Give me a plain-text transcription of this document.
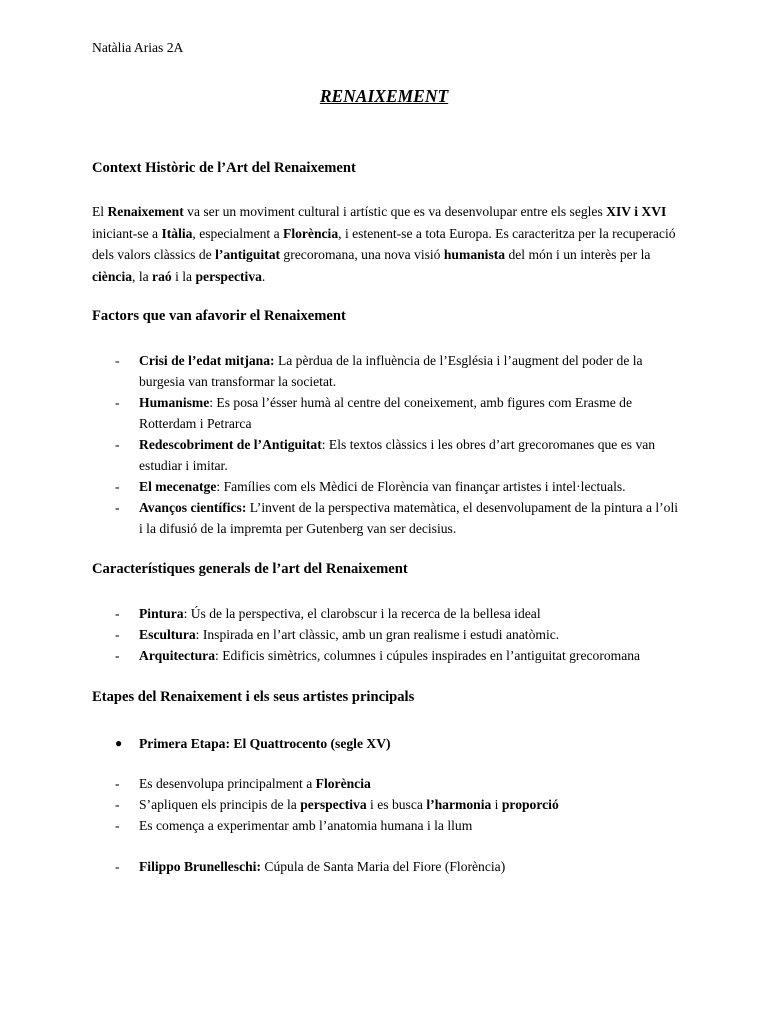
Natàlia Arias 2A
RENAIXEMENT
Context Històric de l’Art del Renaixement

El Renaixement va ser un moviment cultural i artístic que es va desenvolupar entre els segles XIV i XVI iniciant-se a Itàlia, especialment a Florència, i estenent-se a tota Europa. Es caracteritza per la recuperació dels valors clàssics de l’antiguitat grecoromana, una nova visió humanista del món i un interès per la ciència, la raó i la perspectiva.

Factors que van afavorir el Renaixement
- Crisi de l’edat mitjana: La pèrdua de la influència de l’Església i l’augment del poder de la burgesia van transformar la societat.
- Humanisme: Es posa l’ésser humà al centre del coneixement, amb figures com Erasme de Rotterdam i Petrarca
- Redescobriment de l’Antiguitat: Els textos clàssics i les obres d’art grecoromanes que es van estudiar i imitar.
- El mecenatge: Famílies com els Mèdici de Florència van finançar artistes i intel·lectuals.
- Avanços científics: L’invent de la perspectiva matemàtica, el desenvolupament de la pintura a l’oli i la difusió de la impremta per Gutenberg van ser decisius.
Característiques generals de l’art del Renaixement
- Pintura: Ús de la perspectiva, el clarobscur i la recerca de la bellesa ideal
- Escultura: Inspirada en l’art clàssic, amb un gran realisme i estudi anatòmic.
- Arquitectura: Edificis simètrics, columnes i cúpules inspirades en l’antiguitat grecoromana
Etapes del Renaixement i els seus artistes principals
● Primera Etapa: El Quattrocento (segle XV)
- Es desenvolupa principalment a Florència
- S’apliquen els principis de la perspectiva i es busca l’harmonia i proporció
- Es comença a experimentar amb l’anatomia humana i la llum
- Filippo Brunelleschi: Cúpula de Santa Maria del Fiore (Florència)
